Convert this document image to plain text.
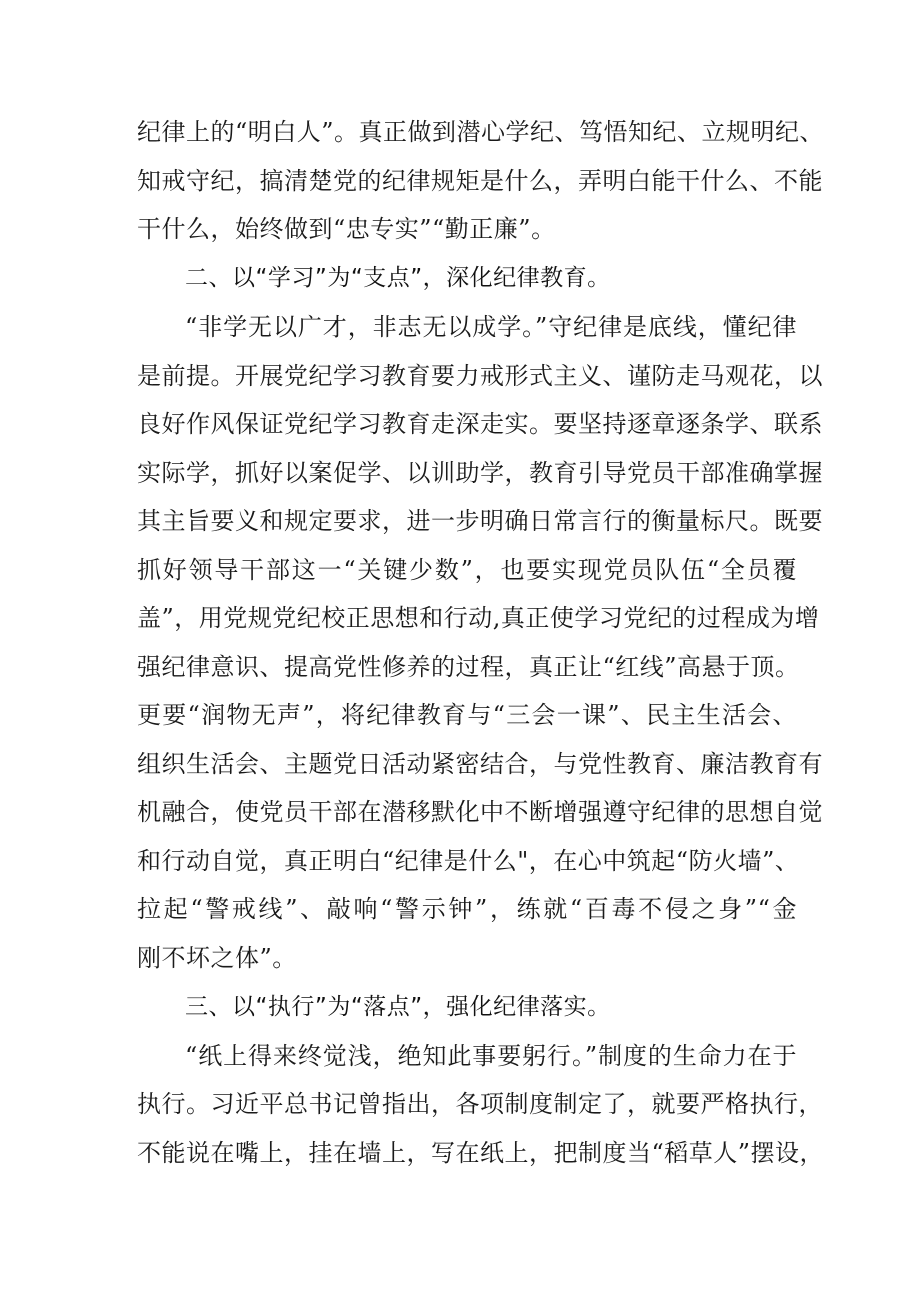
纪律上的“明白人”。真正做到潜心学纪、笃悟知纪、立规明纪、
知戒守纪，搞清楚党的纪律规矩是什么，弄明白能干什么、不能
干什么，始终做到“忠专实”“勤正廉”。
二、以“学习”为“支点”，深化纪律教育。
“非学无以广才，非志无以成学。”守纪律是底线，懂纪律
是前提。开展党纪学习教育要力戒形式主义、谨防走马观花，以
良好作风保证党纪学习教育走深走实。要坚持逐章逐条学、联系
实际学，抓好以案促学、以训助学，教育引导党员干部准确掌握
其主旨要义和规定要求，进一步明确日常言行的衡量标尺。既要
抓好领导干部这一“关键少数”，也要实现党员队伍“全员覆
盖”，用党规党纪校正思想和行动,真正使学习党纪的过程成为增
强纪律意识、提高党性修养的过程，真正让“红线”高悬于顶。
更要“润物无声”，将纪律教育与“三会一课”、民主生活会、
组织生活会、主题党日活动紧密结合，与党性教育、廉洁教育有
机融合，使党员干部在潜移默化中不断增强遵守纪律的思想自觉
和行动自觉，真正明白“纪律是什么"，在心中筑起“防火墙”、
拉起“警戒线”、敲响“警示钟”，练就“百毒不侵之身”“金
刚不坏之体”。
三、以“执行”为“落点”，强化纪律落实。
“纸上得来终觉浅，绝知此事要躬行。”制度的生命力在于
执行。习近平总书记曾指出，各项制度制定了，就要严格执行，
不能说在嘴上，挂在墙上，写在纸上，把制度当“稻草人”摆设，
